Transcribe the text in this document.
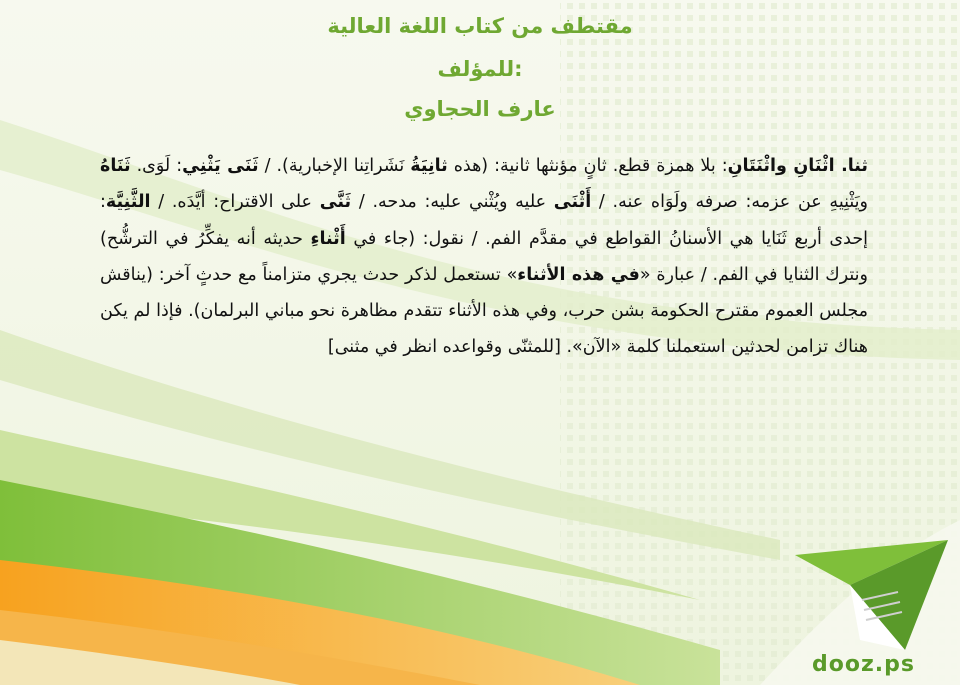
مقتطف من كتاب اللغة العالية
للمؤلف:
عارف الحجاوي
ثنا. اثْنَانِ واثْنَتَانِ: بلا همزة قطع. ثانٍ مؤنثها ثانية: (هذه ثانِيَةُ نَشَراتِنا الإخبارية). / ثَنَى يَثْنِي: لَوَى. ثَنَاهُ ويَثْنِيهِ عن عزمه: صرفه ولَوَاه عنه. / أَثْنَى عليه ويُثْني عليه: مدحه. / ثَنَّى على الاقتراح: أيَّدَه. / الثَّنِيَّة: إحدى أربع ثَنَايا هي الأسنانُ القواطع في مقدَّم الفم. / نقول: (جاء في أَثْناءِ حديثه أنه يفكِّرُ في الترشُّح) ونترك الثنايا في الفم. / عبارة «في هذه الأثناء» تستعمل لذكر حدث يجري متزامناً مع حدثٍ آخر: (يناقش مجلس العموم مقترح الحكومة بشن حرب، وفي هذه الأثناء تتقدم مظاهرة نحو مباني البرلمان). فإذا لم يكن هناك تزامن لحدثين استعملنا كلمة «الآن». [للمثنّى وقواعده انظر في مثنى]
dooz.ps
